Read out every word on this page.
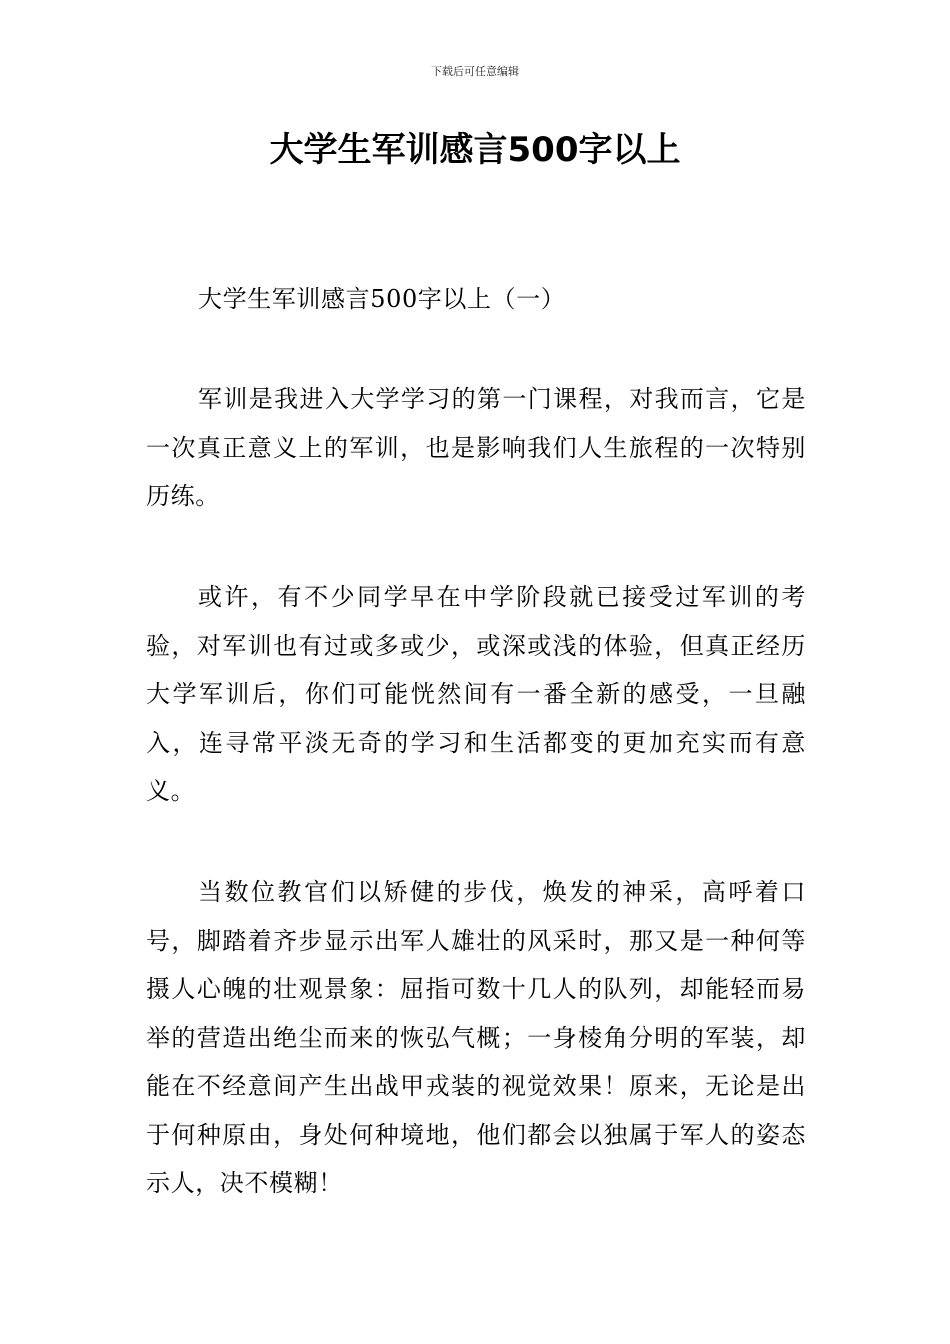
下载后可任意编辑
大学生军训感言500字以上

大学生军训感言500字以上（一）

军训是我进入大学学习的第一门课程，对我而言，它是一次真正意义上的军训，也是影响我们人生旅程的一次特别历练。

或许，有不少同学早在中学阶段就已接受过军训的考验，对军训也有过或多或少，或深或浅的体验，但真正经历大学军训后，你们可能恍然间有一番全新的感受，一旦融入，连寻常平淡无奇的学习和生活都变的更加充实而有意义。

当数位教官们以矫健的步伐，焕发的神采，高呼着口号，脚踏着齐步显示出军人雄壮的风采时，那又是一种何等摄人心魄的壮观景象：屈指可数十几人的队列，却能轻而易举的营造出绝尘而来的恢弘气概；一身棱角分明的军装，却能在不经意间产生出战甲戎装的视觉效果！原来，无论是出于何种原由，身处何种境地，他们都会以独属于军人的姿态示人，决不模糊！
